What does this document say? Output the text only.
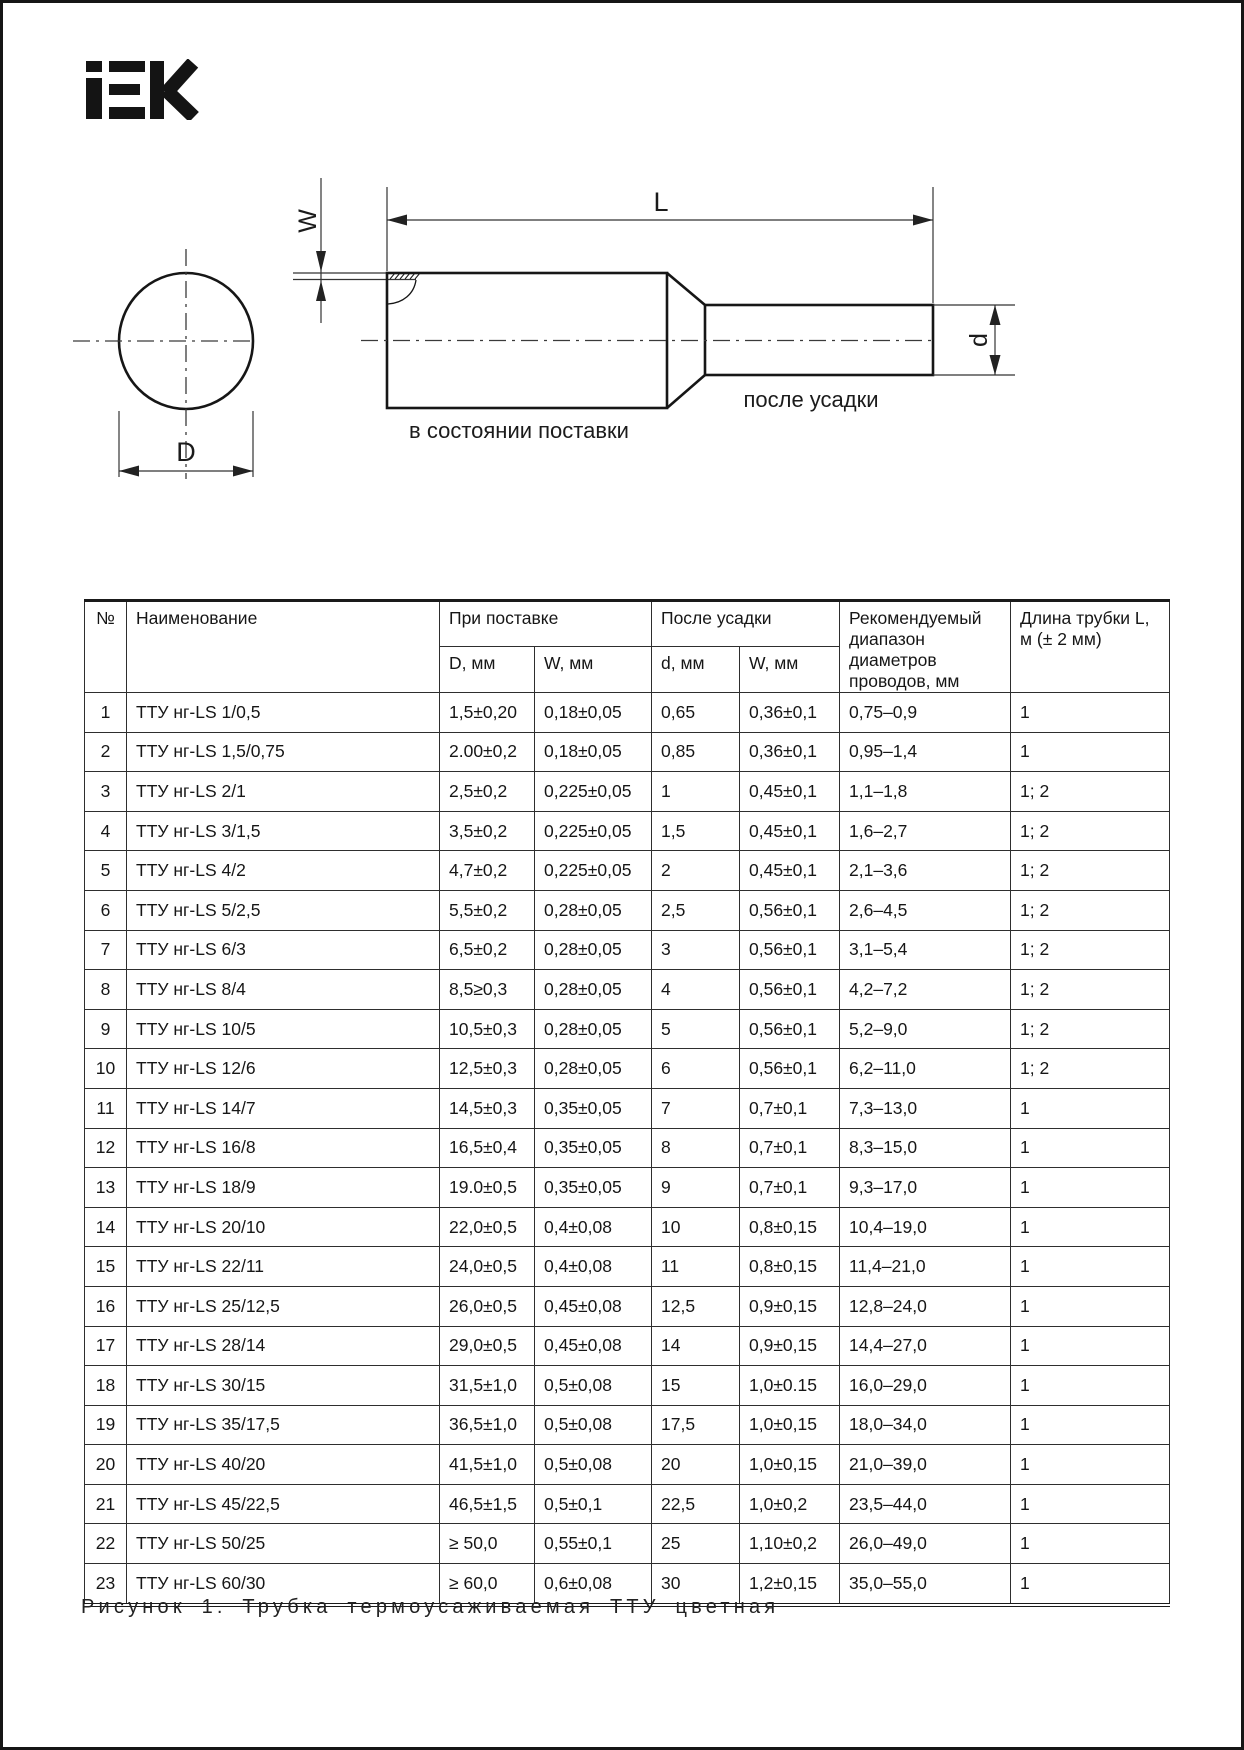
D
W
L
d
в состоянии поставки
после усадки
№	Наименование	При поставке		После усадки		Рекомендуемый диапазон диаметров проводов, мм	Длина трубки L, м (± 2 мм)
		D, мм	W, мм	d, мм	W, мм		
1	ТТУ нг-LS 1/0,5	1,5±0,20	0,18±0,05	0,65	0,36±0,1	0,75–0,9	1
2	ТТУ нг-LS 1,5/0,75	2.00±0,2	0,18±0,05	0,85	0,36±0,1	0,95–1,4	1
3	ТТУ нг-LS 2/1	2,5±0,2	0,225±0,05	1	0,45±0,1	1,1–1,8	1; 2
4	ТТУ нг-LS 3/1,5	3,5±0,2	0,225±0,05	1,5	0,45±0,1	1,6–2,7	1; 2
5	ТТУ нг-LS 4/2	4,7±0,2	0,225±0,05	2	0,45±0,1	2,1–3,6	1; 2
6	ТТУ нг-LS 5/2,5	5,5±0,2	0,28±0,05	2,5	0,56±0,1	2,6–4,5	1; 2
7	ТТУ нг-LS 6/3	6,5±0,2	0,28±0,05	3	0,56±0,1	3,1–5,4	1; 2
8	ТТУ нг-LS 8/4	8,5≥0,3	0,28±0,05	4	0,56±0,1	4,2–7,2	1; 2
9	ТТУ нг-LS 10/5	10,5±0,3	0,28±0,05	5	0,56±0,1	5,2–9,0	1; 2
10	ТТУ нг-LS 12/6	12,5±0,3	0,28±0,05	6	0,56±0,1	6,2–11,0	1; 2
11	ТТУ нг-LS 14/7	14,5±0,3	0,35±0,05	7	0,7±0,1	7,3–13,0	1
12	ТТУ нг-LS 16/8	16,5±0,4	0,35±0,05	8	0,7±0,1	8,3–15,0	1
13	ТТУ нг-LS 18/9	19.0±0,5	0,35±0,05	9	0,7±0,1	9,3–17,0	1
14	ТТУ нг-LS 20/10	22,0±0,5	0,4±0,08	10	0,8±0,15	10,4–19,0	1
15	ТТУ нг-LS 22/11	24,0±0,5	0,4±0,08	11	0,8±0,15	11,4–21,0	1
16	ТТУ нг-LS 25/12,5	26,0±0,5	0,45±0,08	12,5	0,9±0,15	12,8–24,0	1
17	ТТУ нг-LS 28/14	29,0±0,5	0,45±0,08	14	0,9±0,15	14,4–27,0	1
18	ТТУ нг-LS 30/15	31,5±1,0	0,5±0,08	15	1,0±0.15	16,0–29,0	1
19	ТТУ нг-LS 35/17,5	36,5±1,0	0,5±0,08	17,5	1,0±0,15	18,0–34,0	1
20	ТТУ нг-LS 40/20	41,5±1,0	0,5±0,08	20	1,0±0,15	21,0–39,0	1
21	ТТУ нг-LS 45/22,5	46,5±1,5	0,5±0,1	22,5	1,0±0,2	23,5–44,0	1
22	ТТУ нг-LS 50/25	≥ 50,0	0,55±0,1	25	1,10±0,2	26,0–49,0	1
23	ТТУ нг-LS 60/30	≥ 60,0	0,6±0,08	30	1,2±0,15	35,0–55,0	1
Рисунок 1. Трубка термоусаживаемая ТТУ цветная
